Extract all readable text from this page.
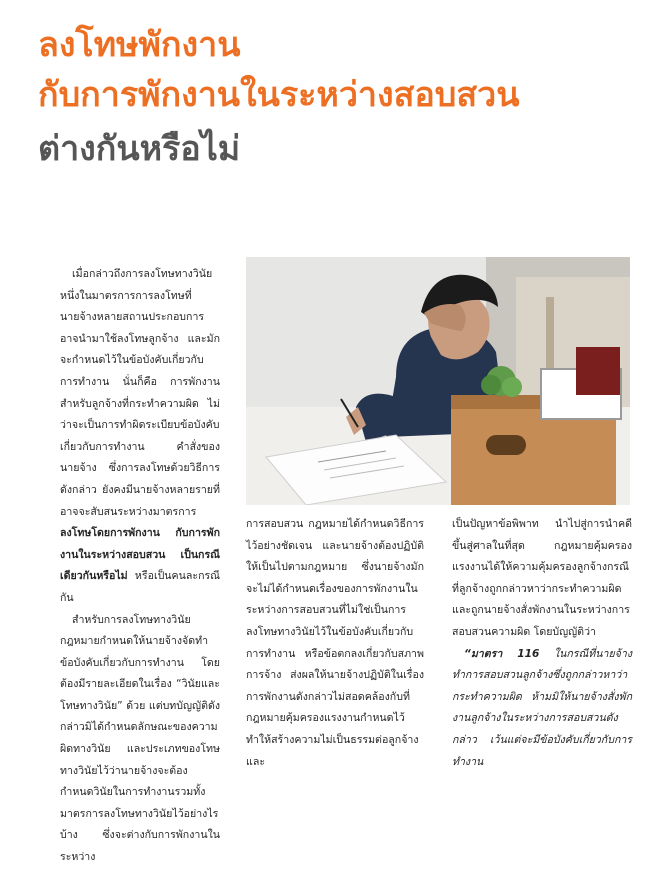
ลงโทษพักงาน
กับการพักงานในระหว่างสอบสวน
ต่างกันหรือไม่

เมื่อกล่าวถึงการลงโทษทางวินัย หนึ่งในมาตรการการลงโทษที่นายจ้างหลายสถานประกอบการอาจนำมาใช้ลงโทษลูกจ้าง และมักจะกำหนดไว้ในข้อบังคับเกี่ยวกับการทำงาน นั่นก็คือ การพักงานสำหรับลูกจ้างที่กระทำความผิด ไม่ว่าจะเป็นการทำผิดระเบียบข้อบังคับเกี่ยวกับการทำงาน คำสั่งของนายจ้าง ซึ่งการลงโทษด้วยวิธีการดังกล่าว ยังคงมีนายจ้างหลายรายที่อาจจะสับสนระหว่างมาตรการลงโทษโดยการพักงาน กับการพักงานในระหว่างสอบสวน เป็นกรณีเดียวกันหรือไม่ หรือเป็นคนละกรณีกัน

สำหรับการลงโทษทางวินัย กฎหมายกำหนดให้นายจ้างจัดทำข้อบังคับเกี่ยวกับการทำงาน โดยต้องมีรายละเอียดในเรื่อง “วินัยและโทษทางวินัย” ด้วย แต่บทบัญญัติดังกล่าวมิได้กำหนดลักษณะของความผิดทางวินัย และประเภทของโทษทางวินัยไว้ว่านายจ้างจะต้องกำหนดวินัยในการทำงานรวมทั้งมาตรการลงโทษทางวินัยไว้อย่างไรบ้าง ซึ่งจะต่างกับการพักงานในระหว่าง

การสอบสวน กฎหมายได้กำหนดวิธีการไว้อย่างชัดเจน และนายจ้างต้องปฏิบัติให้เป็นไปตามกฎหมาย ซึ่งนายจ้างมักจะไม่ได้กำหนดเรื่องของการพักงานในระหว่างการสอบสวนที่ไม่ใช่เป็นการลงโทษทางวินัยไว้ในข้อบังคับเกี่ยวกับการทำงาน หรือข้อตกลงเกี่ยวกับสภาพการจ้าง ส่งผลให้นายจ้างปฏิบัติในเรื่องการพักงานดังกล่าวไม่สอดคล้องกับที่กฎหมายคุ้มครองแรงงานกำหนดไว้ ทำให้สร้างความไม่เป็นธรรมต่อลูกจ้าง และ

เป็นปัญหาข้อพิพาท นำไปสู่การนำคดีขึ้นสู่ศาลในที่สุด กฎหมายคุ้มครองแรงงานได้ให้ความคุ้มครองลูกจ้างกรณีที่ลูกจ้างถูกกล่าวหาว่ากระทำความผิด และถูกนายจ้างสั่งพักงานในระหว่างการสอบสวนความผิด โดยบัญญัติว่า

“มาตรา 116 ในกรณีที่นายจ้างทำการสอบสวนลูกจ้างซึ่งถูกกล่าวหาว่ากระทำความผิด ห้ามมิให้นายจ้างสั่งพักงานลูกจ้างในระหว่างการสอบสวนดังกล่าว เว้นแต่จะมีข้อบังคับเกี่ยวกับการทำงาน
